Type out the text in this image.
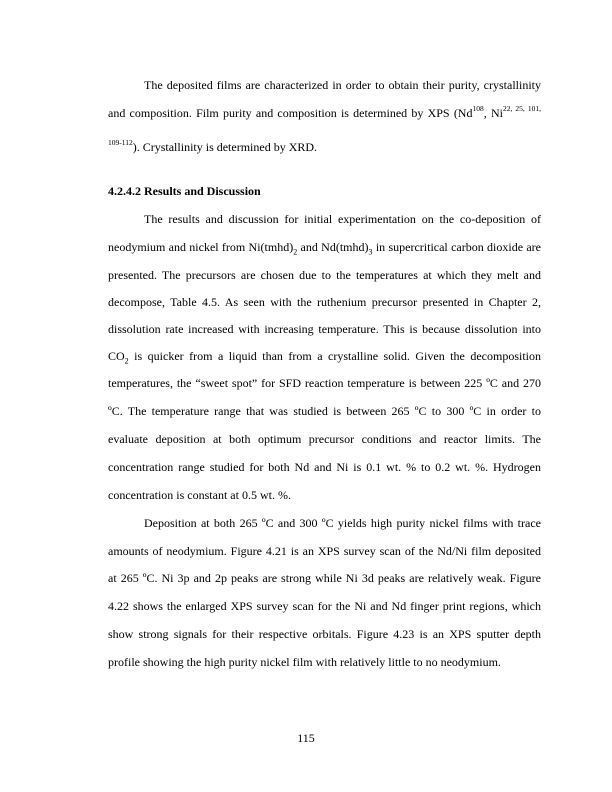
The deposited films are characterized in order to obtain their purity, crystallinity
and composition. Film purity and composition is determined by XPS (Nd$^{108}$, $Ni^{22, 25, 101,}$
$^{109-112}$). Crystallinity is determined by XRD.
4.2.4.2 Results and Discussion
The results and discussion for initial experimentation on the co-deposition of
neodymium and nickel from $Ni(tmhd)_2$ and $Nd(tmhd)_3$ in supercritical carbon dioxide are
presented. The precursors are chosen due to the temperatures at which they melt and
decompose, Table 4.5. As seen with the ruthenium precursor presented in Chapter 2,
dissolution rate increased with increasing temperature. This is because dissolution into
$CO_2$ is quicker from a liquid than from a crystalline solid. Given the decomposition
temperatures, the “sweet spot” for SFD reaction temperature is between 225 ºC and 270
ºC. The temperature range that was studied is between 265 ºC to 300 ºC in order to
evaluate deposition at both optimum precursor conditions and reactor limits. The
concentration range studied for both Nd and Ni is 0.1 wt. % to 0.2 wt. %. Hydrogen
concentration is constant at 0.5 wt. %.
Deposition at both 265 ºC and 300 ºC yields high purity nickel films with trace
amounts of neodymium. Figure 4.21 is an XPS survey scan of the Nd/Ni film deposited
at 265 ºC. Ni 3p and 2p peaks are strong while Ni 3d peaks are relatively weak. Figure
4.22 shows the enlarged XPS survey scan for the Ni and Nd finger print regions, which
show strong signals for their respective orbitals. Figure 4.23 is an XPS sputter depth
profile showing the high purity nickel film with relatively little to no neodymium.
115
